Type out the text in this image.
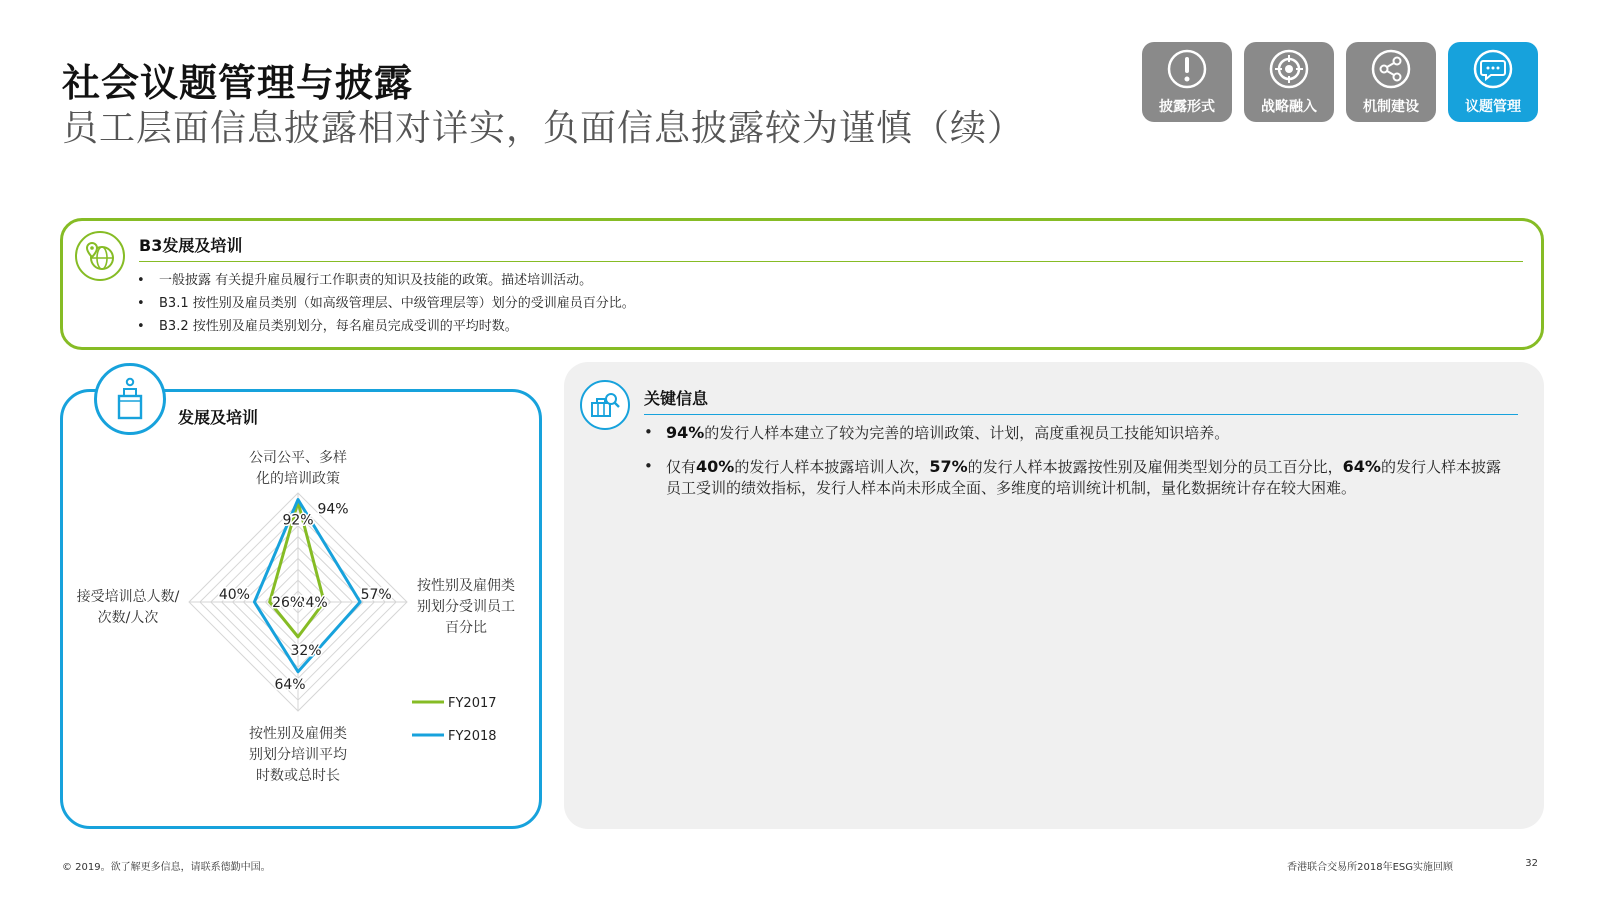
社会议题管理与披露
员工层面信息披露相对详实，负面信息披露较为谨慎（续）
披露形式	战略融入	机制建设	议题管理
B3发展及培训
• 一般披露 有关提升雇员履行工作职责的知识及技能的政策。描述培训活动。
• B3.1 按性别及雇员类别（如高级管理层、中级管理层等）划分的受训雇员百分比。
• B3.2 按性别及雇员类别划分，每名雇员完成受训的平均时数。
发展及培训
92%
24%
32%
26%
94%
57%
64%
40%
公司公平、多样
化的培训政策
按性别及雇佣类
别划分受训员工
百分比
按性别及雇佣类
别划分培训平均
时数或总时长
接受培训总人数/
次数/人次
FY2017
FY2018
关键信息
• 94%的发行人样本建立了较为完善的培训政策、计划，高度重视员工技能知识培养。
• 仅有40%的发行人样本披露培训人次，57%的发行人样本披露按性别及雇佣类型划分的员工百分比，64%的发行人样本披露员工受训的绩效指标，发行人样本尚未形成全面、多维度的培训统计机制，量化数据统计存在较大困难。
© 2019。欲了解更多信息，请联系德勤中国。	香港联合交易所2018年ESG实施回顾	32
